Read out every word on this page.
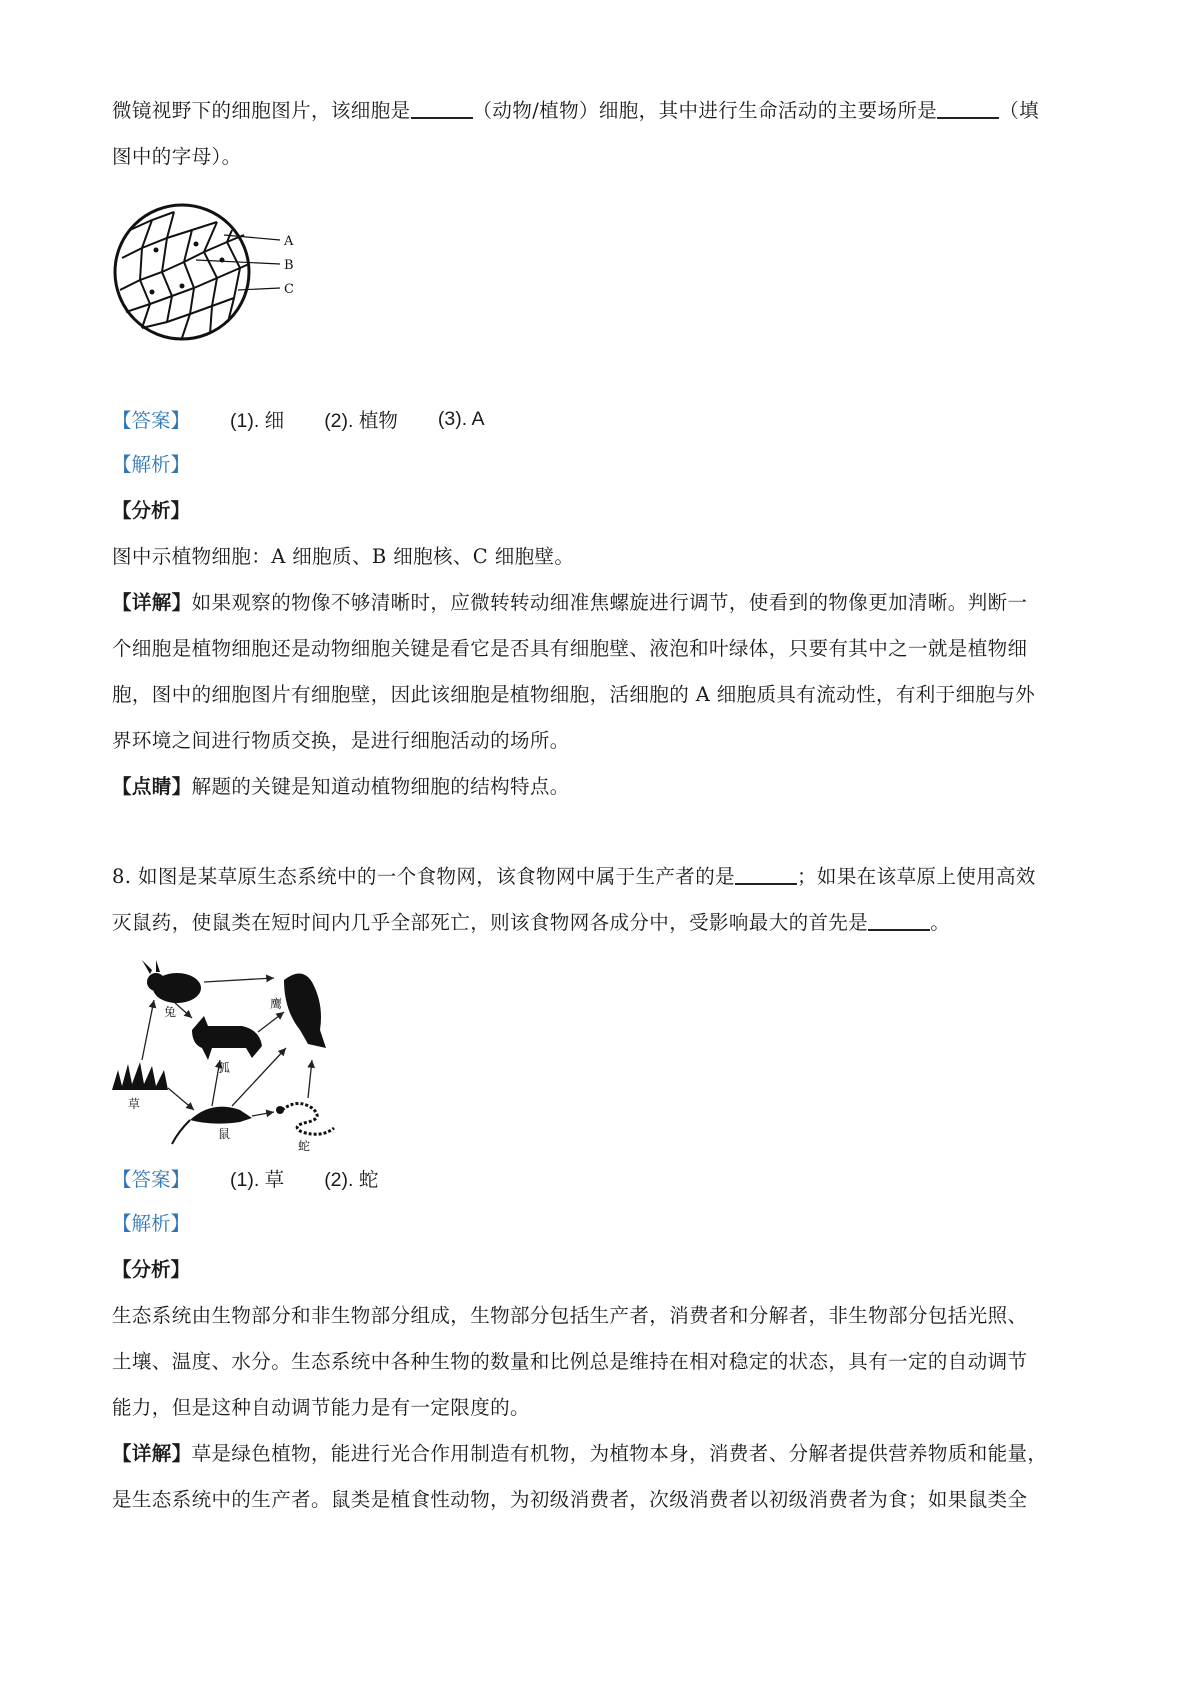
微镜视野下的细胞图片，该细胞是	（动物/植物）细胞，其中进行生命活动的主要场所是	（填

图中的字母）。

A
B
C
【答案】 (1). 细 (2). 植物 (3). A

【解析】

【分析】

图中示植物细胞：A 细胞质、B 细胞核、C 细胞壁。

【详解】如果观察的物像不够清晰时，应微转转动细准焦螺旋进行调节，使看到的物像更加清晰。判断一

个细胞是植物细胞还是动物细胞关键是看它是否具有细胞壁、液泡和叶绿体，只要有其中之一就是植物细

胞，图中的细胞图片有细胞壁，因此该细胞是植物细胞，活细胞的 A 细胞质具有流动性，有利于细胞与外

界环境之间进行物质交换，是进行细胞活动的场所。

【点睛】解题的关键是知道动植物细胞的结构特点。

8. 如图是某草原生态系统中的一个食物网，该食物网中属于生产者的是	；如果在该草原上使用高效

灭鼠药，使鼠类在短时间内几乎全部死亡，则该食物网各成分中，受影响最大的首先是	。

兔
鹰
狐
草
鼠
蛇
【答案】 (1). 草 (2). 蛇

【解析】

【分析】

生态系统由生物部分和非生物部分组成，生物部分包括生产者，消费者和分解者，非生物部分包括光照、

土壤、温度、水分。生态系统中各种生物的数量和比例总是维持在相对稳定的状态，具有一定的自动调节

能力，但是这种自动调节能力是有一定限度的。

【详解】草是绿色植物，能进行光合作用制造有机物，为植物本身，消费者、分解者提供营养物质和能量，

是生态系统中的生产者。鼠类是植食性动物，为初级消费者，次级消费者以初级消费者为食；如果鼠类全
